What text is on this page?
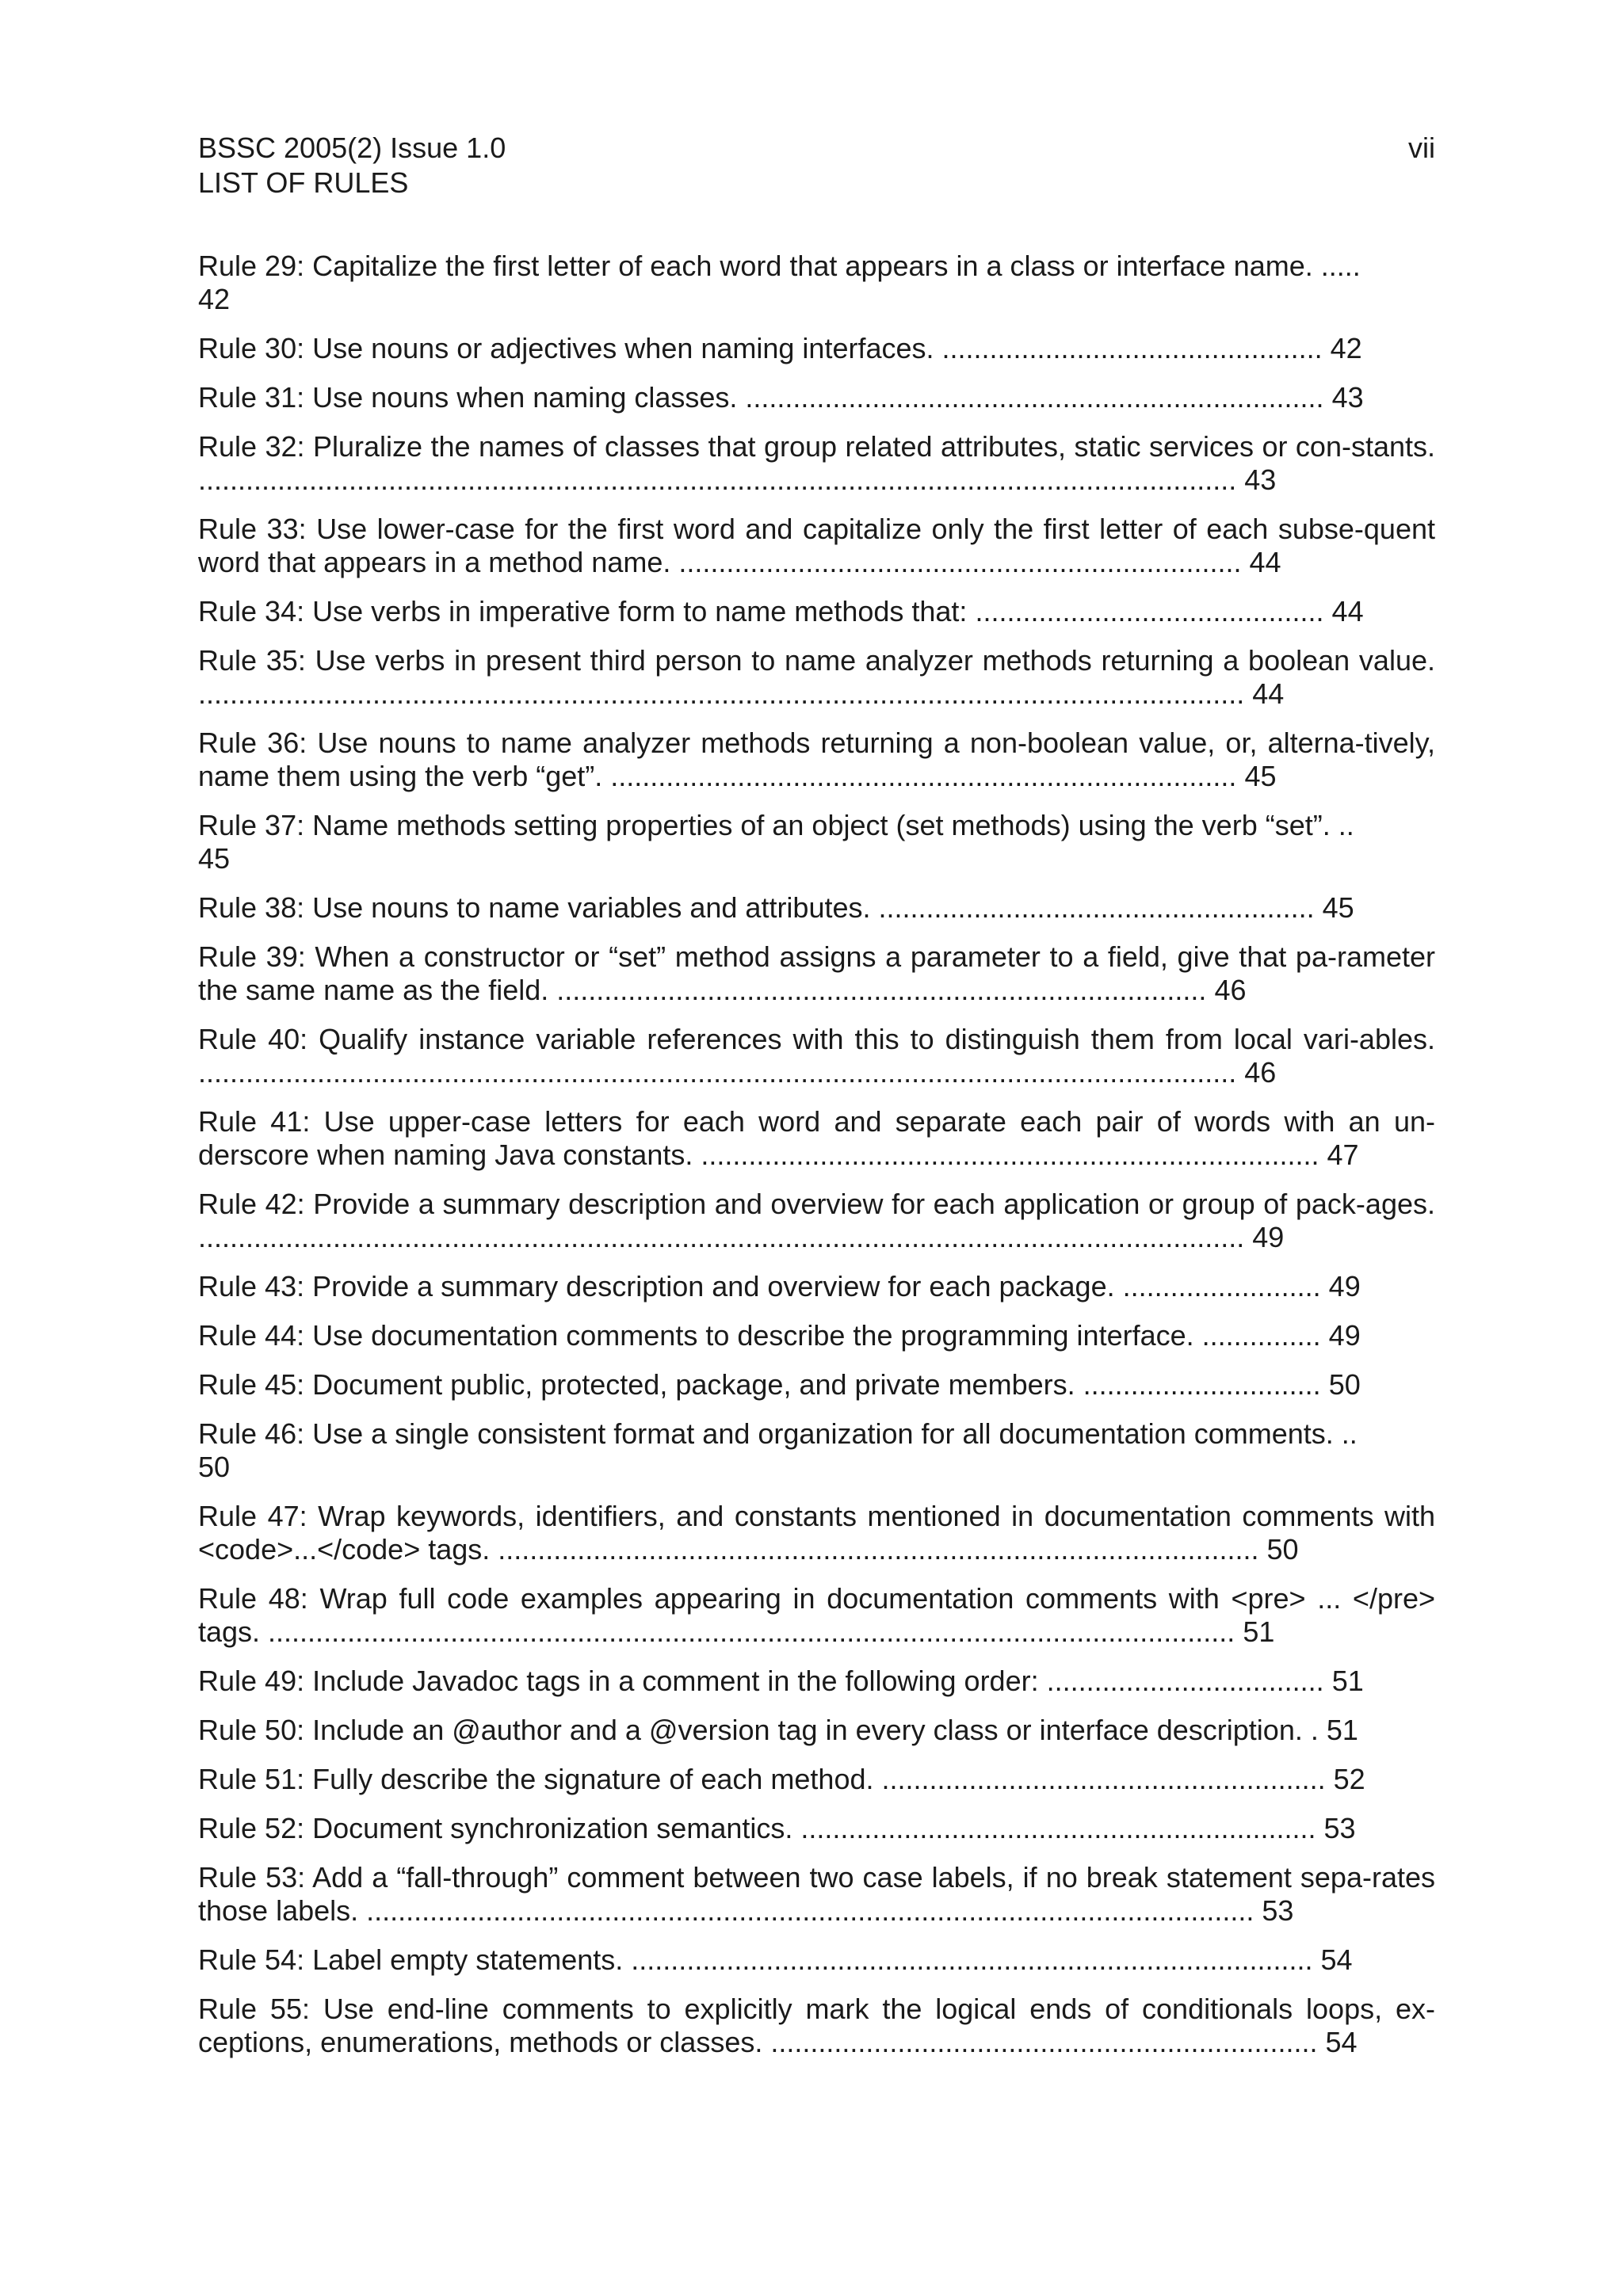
BSSC 2005(2) Issue 1.0
LIST OF RULES
vii

Rule 29: Capitalize the first letter of each word that appears in a class or interface name. .....
42

Rule 30: Use nouns or adjectives when naming interfaces. ................................................ 42

Rule 31: Use nouns when naming classes. ......................................................................... 43

Rule 32: Pluralize the names of classes that group related attributes, static services or con-stants. ................................................................................................................................... 43

Rule 33: Use lower-case for the first word and capitalize only the first letter of each subse-quent word that appears in a method name. ....................................................................... 44

Rule 34: Use verbs in imperative form to name methods that: ............................................ 44

Rule 35: Use verbs in present third person to name analyzer methods returning a boolean value. .................................................................................................................................... 44

Rule 36: Use nouns to name analyzer methods returning a non-boolean value, or, alterna-tively, name them using the verb “get”. ............................................................................... 45

Rule 37: Name methods setting properties of an object (set methods) using the verb “set”. ..
45

Rule 38: Use nouns to name variables and attributes. ....................................................... 45

Rule 39: When a constructor or “set” method assigns a parameter to a field, give that pa-rameter the same name as the field. .................................................................................. 46

Rule 40: Qualify instance variable references with this to distinguish them from local vari-ables. ................................................................................................................................... 46

Rule 41: Use upper-case letters for each word and separate each pair of words with an un-derscore when naming Java constants. .............................................................................. 47

Rule 42: Provide a summary description and overview for each application or group of pack-ages. .................................................................................................................................... 49

Rule 43: Provide a summary description and overview for each package. ......................... 49

Rule 44: Use documentation comments to describe the programming interface. ............... 49

Rule 45: Document public, protected, package, and private members. .............................. 50

Rule 46: Use a single consistent format and organization for all documentation comments. ..
50

Rule 47: Wrap keywords, identifiers, and constants mentioned in documentation comments with <code>...</code> tags. ................................................................................................ 50

Rule 48: Wrap full code examples appearing in documentation comments with <pre> ... </pre> tags. .......................................................................................................................... 51

Rule 49: Include Javadoc tags in a comment in the following order: ................................... 51

Rule 50: Include an @author and a @version tag in every class or interface description. . 51

Rule 51: Fully describe the signature of each method. ........................................................ 52

Rule 52: Document synchronization semantics. ................................................................. 53

Rule 53: Add a “fall-through” comment between two case labels, if no break statement sepa-rates those labels. ................................................................................................................ 53

Rule 54: Label empty statements. ...................................................................................... 54

Rule 55: Use end-line comments to explicitly mark the logical ends of conditionals loops, ex-ceptions, enumerations, methods or classes. ..................................................................... 54
